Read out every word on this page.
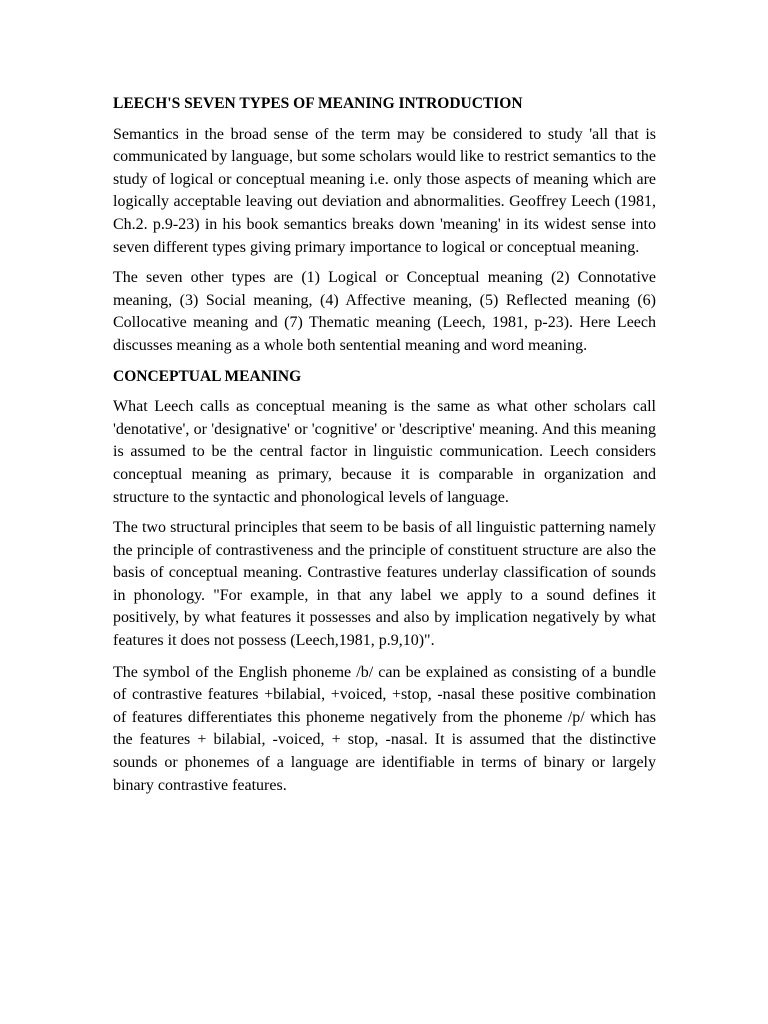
LEECH'S SEVEN TYPES OF MEANING INTRODUCTION

Semantics in the broad sense of the term may be considered to study 'all that is communicated by language, but some scholars would like to restrict semantics to the study of logical or conceptual meaning i.e. only those aspects of meaning which are logically acceptable leaving out deviation and abnormalities. Geoffrey Leech (1981, Ch.2. p.9-23) in his book semantics breaks down 'meaning' in its widest sense into seven different types giving primary importance to logical or conceptual meaning.

The seven other types are (1) Logical or Conceptual meaning (2) Connotative meaning, (3) Social meaning, (4) Affective meaning, (5) Reflected meaning (6) Collocative meaning and (7) Thematic meaning (Leech, 1981, p-23). Here Leech discusses meaning as a whole both sentential meaning and word meaning.

CONCEPTUAL MEANING

What Leech calls as conceptual meaning is the same as what other scholars call 'denotative', or 'designative' or 'cognitive' or 'descriptive' meaning. And this meaning is assumed to be the central factor in linguistic communication. Leech considers conceptual meaning as primary, because it is comparable in organization and structure to the syntactic and phonological levels of language.

The two structural principles that seem to be basis of all linguistic patterning namely the principle of contrastiveness and the principle of constituent structure are also the basis of conceptual meaning. Contrastive features underlay classification of sounds in phonology. "For example, in that any label we apply to a sound defines it positively, by what features it possesses and also by implication negatively by what features it does not possess (Leech,1981, p.9,10)".

The symbol of the English phoneme /b/ can be explained as consisting of a bundle of contrastive features +bilabial, +voiced, +stop, -nasal these positive combination of features differentiates this phoneme negatively from the phoneme /p/ which has the features + bilabial, -voiced, + stop, -nasal. It is assumed that the distinctive sounds or phonemes of a language are identifiable in terms of binary or largely binary contrastive features.
